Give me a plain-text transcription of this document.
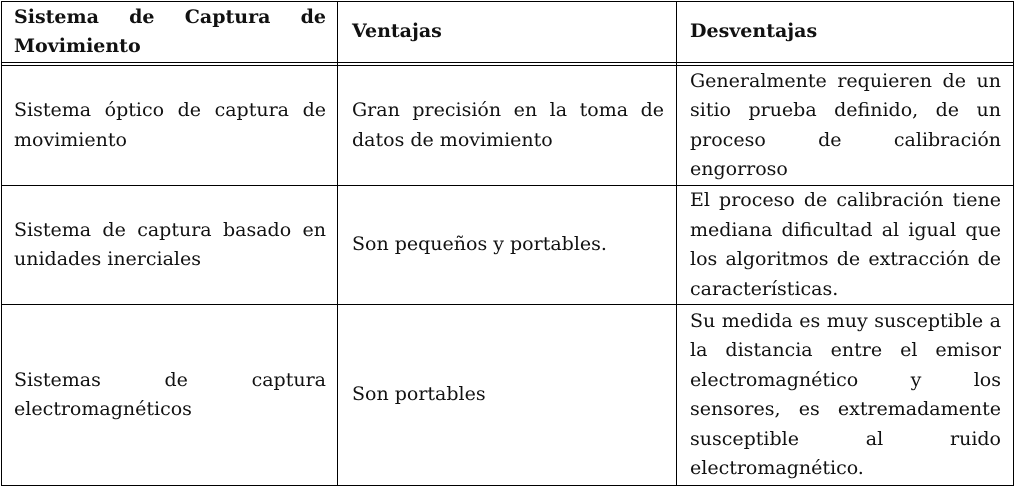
Sistema de Captura de Movimiento
Ventajas	Desventajas
Sistema óptico de captura de movimiento
Gran precisión en la toma de datos de movimiento
Generalmente requieren de un sitio prueba definido, de un proceso de calibración engorroso
Sistema de captura basado en unidades inerciales
Son pequeños y portables.
El proceso de calibración tiene mediana dificultad al igual que los algoritmos de extracción de características.
Sistemas de captura electromagnéticos
Son portables
Su medida es muy susceptible a la distancia entre el emisor electromagnético y los sensores, es extremadamente susceptible al ruido electromagnético.
